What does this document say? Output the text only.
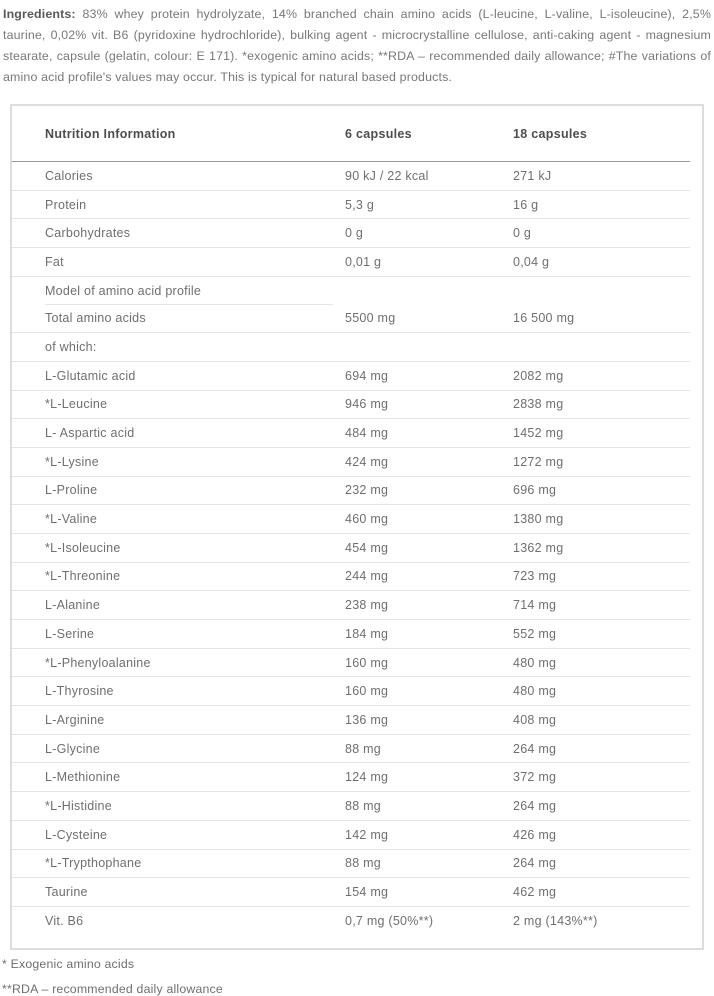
Ingredients: 83% whey protein hydrolyzate, 14% branched chain amino acids (L-leucine, L-valine, L-isoleucine), 2,5% taurine, 0,02% vit. B6 (pyridoxine hydrochloride), bulking agent - microcrystalline cellulose, anti-caking agent - magnesium stearate, capsule (gelatin, colour: E 171). *exogenic amino acids; **RDA – recommended daily allowance; #The variations of amino acid profile's values may occur. This is typical for natural based products.

Nutrition Information	6 capsules	18 capsules
Calories	90 kJ / 22 kcal	271 kJ
Protein	5,3 g	16 g
Carbohydrates	0 g	0 g
Fat	0,01 g	0,04 g
Model of amino acid profile
Total amino acids	5500 mg	16 500 mg
of which:
L-Glutamic acid	694 mg	2082 mg
*L-Leucine	946 mg	2838 mg
L- Aspartic acid	484 mg	1452 mg
*L-Lysine	424 mg	1272 mg
L-Proline	232 mg	696 mg
*L-Valine	460 mg	1380 mg
*L-Isoleucine	454 mg	1362 mg
*L-Threonine	244 mg	723 mg
L-Alanine	238 mg	714 mg
L-Serine	184 mg	552 mg
*L-Phenyloalanine	160 mg	480 mg
L-Thyrosine	160 mg	480 mg
L-Arginine	136 mg	408 mg
L-Glycine	88 mg	264 mg
L-Methionine	124 mg	372 mg
*L-Histidine	88 mg	264 mg
L-Cysteine	142 mg	426 mg
*L-Trypthophane	88 mg	264 mg
Taurine	154 mg	462 mg
Vit. B6	0,7 mg (50%**)	2 mg (143%**)

* Exogenic amino acids

**RDA – recommended daily allowance
